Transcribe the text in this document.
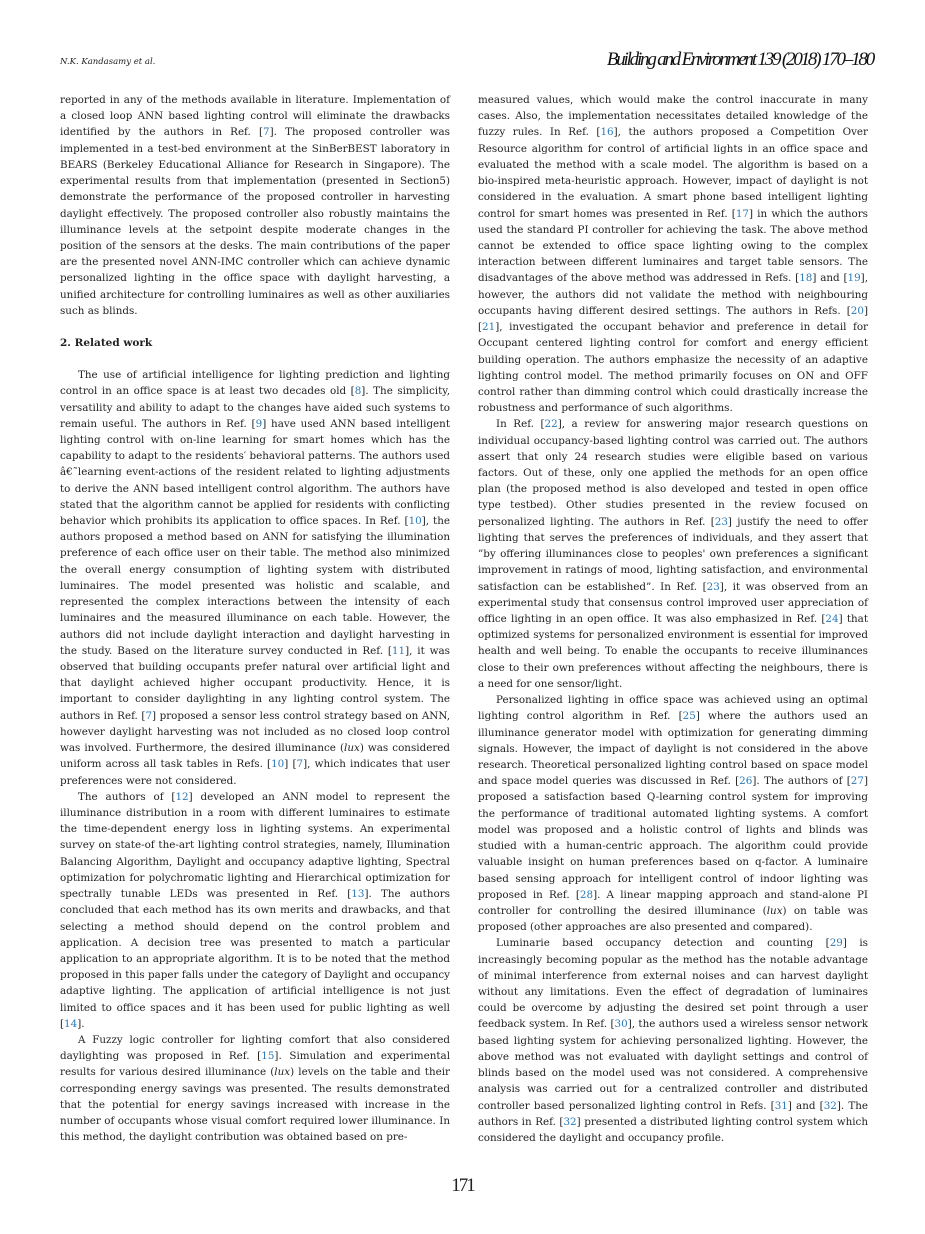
N.K. Kandasamy et al.	Building and Environment 139 (2018) 170–180

reported in any of the methods available in literature. Implementation of a closed loop ANN based lighting control will eliminate the drawbacks identified by the authors in Ref. [7]. The proposed controller was implemented in a test-bed environment at the SinBerBEST laboratory in BEARS (Berkeley Educational Alliance for Research in Singapore). The experimental results from that implementation (presented in Section5) demonstrate the performance of the proposed controller in harvesting daylight effectively. The proposed controller also robustly maintains the illuminance levels at the setpoint despite moderate changes in the position of the sensors at the desks. The main contributions of the paper are the presented novel ANN-IMC controller which can achieve dynamic personalized lighting in the office space with daylight harvesting, a unified architecture for controlling luminaires as well as other auxiliaries such as blinds.

2. Related work

The use of artificial intelligence for lighting prediction and lighting control in an office space is at least two decades old [8]. The simplicity, versatility and ability to adapt to the changes have aided such systems to remain useful. The authors in Ref. [9] have used ANN based intelligent lighting control with on-line learning for smart homes which has the capability to adapt to the residents′ behavioral patterns. The authors used â€˜learning event-actions of the resident related to lighting adjustments to derive the ANN based intelligent control algorithm. The authors have stated that the algorithm cannot be applied for residents with conflicting behavior which prohibits its application to office spaces. In Ref. [10], the authors proposed a method based on ANN for satisfying the illumination preference of each office user on their table. The method also minimized the overall energy consumption of lighting system with distributed luminaires. The model presented was holistic and scalable, and represented the complex interactions between the intensity of each luminaires and the measured illuminance on each table. However, the authors did not include daylight interaction and daylight harvesting in the study. Based on the literature survey conducted in Ref. [11], it was observed that building occupants prefer natural over artificial light and that daylight achieved higher occupant productivity. Hence, it is important to consider daylighting in any lighting control system. The authors in Ref. [7] proposed a sensor less control strategy based on ANN, however daylight harvesting was not included as no closed loop control was involved. Furthermore, the desired illuminance (lux) was considered uniform across all task tables in Refs. [10] [7], which indicates that user preferences were not considered.

The authors of [12] developed an ANN model to represent the illuminance distribution in a room with different luminaires to estimate the time-dependent energy loss in lighting systems. An experimental survey on state-of the-art lighting control strategies, namely, Illumination Balancing Algorithm, Daylight and occupancy adaptive lighting, Spectral optimization for polychromatic lighting and Hierarchical optimization for spectrally tunable LEDs was presented in Ref. [13]. The authors concluded that each method has its own merits and drawbacks, and that selecting a method should depend on the control problem and application. A decision tree was presented to match a particular application to an appropriate algorithm. It is to be noted that the method proposed in this paper falls under the category of Daylight and occupancy adaptive lighting. The application of artificial intelligence is not just limited to office spaces and it has been used for public lighting as well [14].

A Fuzzy logic controller for lighting comfort that also considered daylighting was proposed in Ref. [15]. Simulation and experimental results for various desired illuminance (lux) levels on the table and their corresponding energy savings was presented. The results demonstrated that the potential for energy savings increased with increase in the number of occupants whose visual comfort required lower illuminance. In this method, the daylight contribution was obtained based on pre-

measured values, which would make the control inaccurate in many cases. Also, the implementation necessitates detailed knowledge of the fuzzy rules. In Ref. [16], the authors proposed a Competition Over Resource algorithm for control of artificial lights in an office space and evaluated the method with a scale model. The algorithm is based on a bio-inspired meta-heuristic approach. However, impact of daylight is not considered in the evaluation. A smart phone based intelligent lighting control for smart homes was presented in Ref. [17] in which the authors used the standard PI controller for achieving the task. The above method cannot be extended to office space lighting owing to the complex interaction between different luminaires and target table sensors. The disadvantages of the above method was addressed in Refs. [18] and [19], however, the authors did not validate the method with neighbouring occupants having different desired settings. The authors in Refs. [20] [21], investigated the occupant behavior and preference in detail for Occupant centered lighting control for comfort and energy efficient building operation. The authors emphasize the necessity of an adaptive lighting control model. The method primarily focuses on ON and OFF control rather than dimming control which could drastically increase the robustness and performance of such algorithms.

In Ref. [22], a review for answering major research questions on individual occupancy-based lighting control was carried out. The authors assert that only 24 research studies were eligible based on various factors. Out of these, only one applied the methods for an open office plan (the proposed method is also developed and tested in open office type testbed). Other studies presented in the review focused on personalized lighting. The authors in Ref. [23] justify the need to offer lighting that serves the preferences of individuals, and they assert that ”by offering illuminances close to peoples' own preferences a significant improvement in ratings of mood, lighting satisfaction, and environmental satisfaction can be established”. In Ref. [23], it was observed from an experimental study that consensus control improved user appreciation of office lighting in an open office. It was also emphasized in Ref. [24] that optimized systems for personalized environment is essential for improved health and well being. To enable the occupants to receive illuminances close to their own preferences without affecting the neighbours, there is a need for one sensor/light.

Personalized lighting in office space was achieved using an optimal lighting control algorithm in Ref. [25] where the authors used an illuminance generator model with optimization for generating dimming signals. However, the impact of daylight is not considered in the above research. Theoretical personalized lighting control based on space model and space model queries was discussed in Ref. [26]. The authors of [27] proposed a satisfaction based Q-learning control system for improving the performance of traditional automated lighting systems. A comfort model was proposed and a holistic control of lights and blinds was studied with a human-centric approach. The algorithm could provide valuable insight on human preferences based on q-factor. A luminaire based sensing approach for intelligent control of indoor lighting was proposed in Ref. [28]. A linear mapping approach and stand-alone PI controller for controlling the desired illuminance (lux) on table was proposed (other approaches are also presented and compared).

Luminarie based occupancy detection and counting [29] is increasingly becoming popular as the method has the notable advantage of minimal interference from external noises and can harvest daylight without any limitations. Even the effect of degradation of luminaires could be overcome by adjusting the desired set point through a user feedback system. In Ref. [30], the authors used a wireless sensor network based lighting system for achieving personalized lighting. However, the above method was not evaluated with daylight settings and control of blinds based on the model used was not considered. A comprehensive analysis was carried out for a centralized controller and distributed controller based personalized lighting control in Refs. [31] and [32]. The authors in Ref. [32] presented a distributed lighting control system which considered the daylight and occupancy profile.

171
